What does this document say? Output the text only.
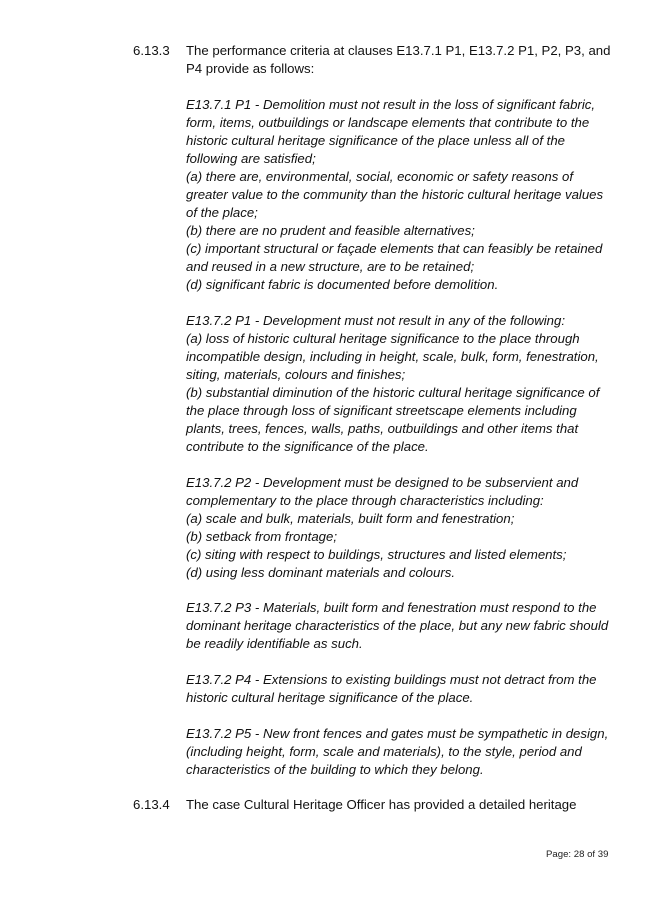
6.13.3 The performance criteria at clauses E13.7.1 P1, E13.7.2 P1, P2, P3, and
P4 provide as follows:
E13.7.1 P1 - Demolition must not result in the loss of significant fabric,
form, items, outbuildings or landscape elements that contribute to the
historic cultural heritage significance of the place unless all of the
following are satisfied;
(a) there are, environmental, social, economic or safety reasons of
greater value to the community than the historic cultural heritage values
of the place;
(b) there are no prudent and feasible alternatives;
(c) important structural or façade elements that can feasibly be retained
and reused in a new structure, are to be retained;
(d) significant fabric is documented before demolition.
E13.7.2 P1 - Development must not result in any of the following:
(a) loss of historic cultural heritage significance to the place through
incompatible design, including in height, scale, bulk, form, fenestration,
siting, materials, colours and finishes;
(b) substantial diminution of the historic cultural heritage significance of
the place through loss of significant streetscape elements including
plants, trees, fences, walls, paths, outbuildings and other items that
contribute to the significance of the place.
E13.7.2 P2 - Development must be designed to be subservient and
complementary to the place through characteristics including:
(a) scale and bulk, materials, built form and fenestration;
(b) setback from frontage;
(c) siting with respect to buildings, structures and listed elements;
(d) using less dominant materials and colours.
E13.7.2 P3 - Materials, built form and fenestration must respond to the
dominant heritage characteristics of the place, but any new fabric should
be readily identifiable as such.
E13.7.2 P4 - Extensions to existing buildings must not detract from the
historic cultural heritage significance of the place.
E13.7.2 P5 - New front fences and gates must be sympathetic in design,
(including height, form, scale and materials), to the style, period and
characteristics of the building to which they belong.
6.13.4 The case Cultural Heritage Officer has provided a detailed heritage
Page: 28 of 39
